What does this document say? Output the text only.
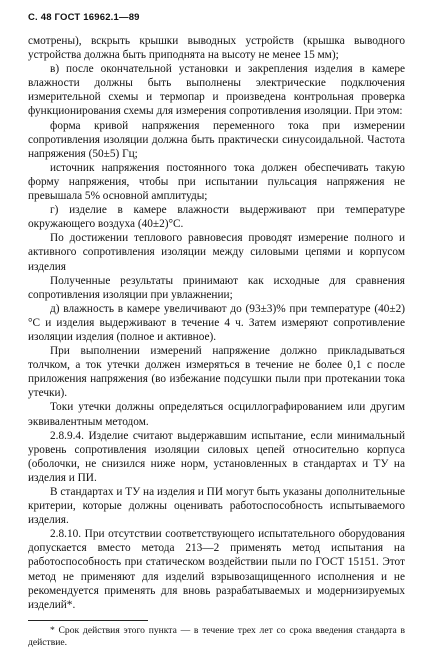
С. 48 ГОСТ 16962.1—89

смотрены), вскрыть крышки выводных устройств (крышка выводного устройства должна быть приподнята на высоту не менее 15 мм);

в) после окончательной установки и закрепления изделия в камере влажности должны быть выполнены электрические подключения измерительной схемы и термопар и произведена контрольная проверка функционирования схемы для измерения сопротивления изоляции. При этом:

форма кривой напряжения переменного тока при измерении сопротивления изоляции должна быть практически синусоидальной. Частота напряжения (50±5) Гц;

источник напряжения постоянного тока должен обеспечивать такую форму напряжения, чтобы при испытании пульсация напряжения не превышала 5% основной амплитуды;

г) изделие в камере влажности выдерживают при температуре окружающего воздуха (40±2)°С.

По достижении теплового равновесия проводят измерение полного и активного сопротивления изоляции между силовыми цепями и корпусом изделия

Полученные результаты принимают как исходные для сравнения сопротивления изоляции при увлажнении;

д) влажность в камере увеличивают до (93±3)% при температуре (40±2)°С и изделия выдерживают в течение 4 ч. Затем измеряют сопротивление изоляции изделия (полное и активное).

При выполнении измерений напряжение должно прикладываться толчком, а ток утечки должен измеряться в течение не более 0,1 с после приложения напряжения (во избежание подсушки пыли при протекании тока утечки).

Токи утечки должны определяться осциллографированием или другим эквивалентным методом.

2.8.9.4. Изделие считают выдержавшим испытание, если минимальный уровень сопротивления изоляции силовых цепей относительно корпуса (оболочки, не снизился ниже норм, установленных в стандартах и ТУ на изделия и ПИ.

В стандартах и ТУ на изделия и ПИ могут быть указаны дополнительные критерии, которые должны оценивать работоспособность испытываемого изделия.

2.8.10. При отсутствии соответствующего испытательного оборудования допускается вместо метода 213—2 применять метод испытания на работоспособность при статическом воздействии пыли по ГОСТ 15151. Этот метод не применяют для изделий взрывозащищенного исполнения и не рекомендуется применять для вновь разрабатываемых и модернизируемых изделий*.

* Срок действия этого пункта — в течение трех лет со срока введения стандарта в действие.
